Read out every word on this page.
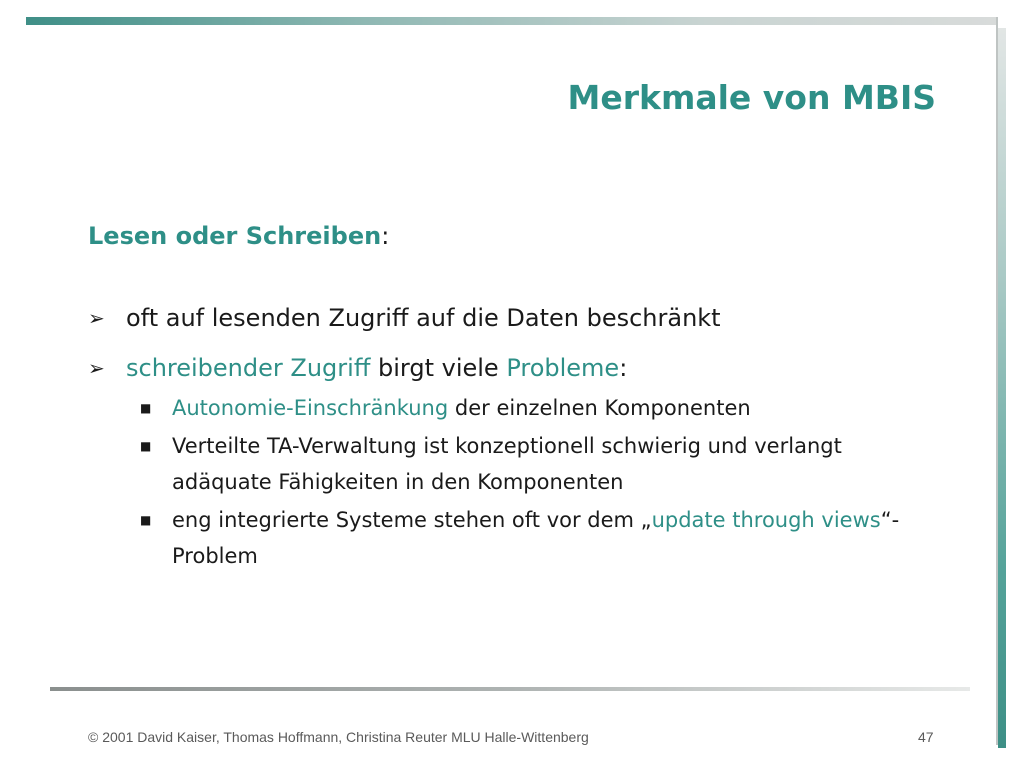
Merkmale von MBIS
Lesen oder Schreiben:
➢ oft auf lesenden Zugriff auf die Daten beschränkt
➢ schreibender Zugriff birgt viele Probleme:
■ Autonomie-Einschränkung der einzelnen Komponenten
■ Verteilte TA-Verwaltung ist konzeptionell schwierig und verlangt adäquate Fähigkeiten in den Komponenten
■ eng integrierte Systeme stehen oft vor dem „update through views“-Problem
© 2001 David Kaiser, Thomas Hoffmann, Christina Reuter MLU Halle-Wittenberg	47
